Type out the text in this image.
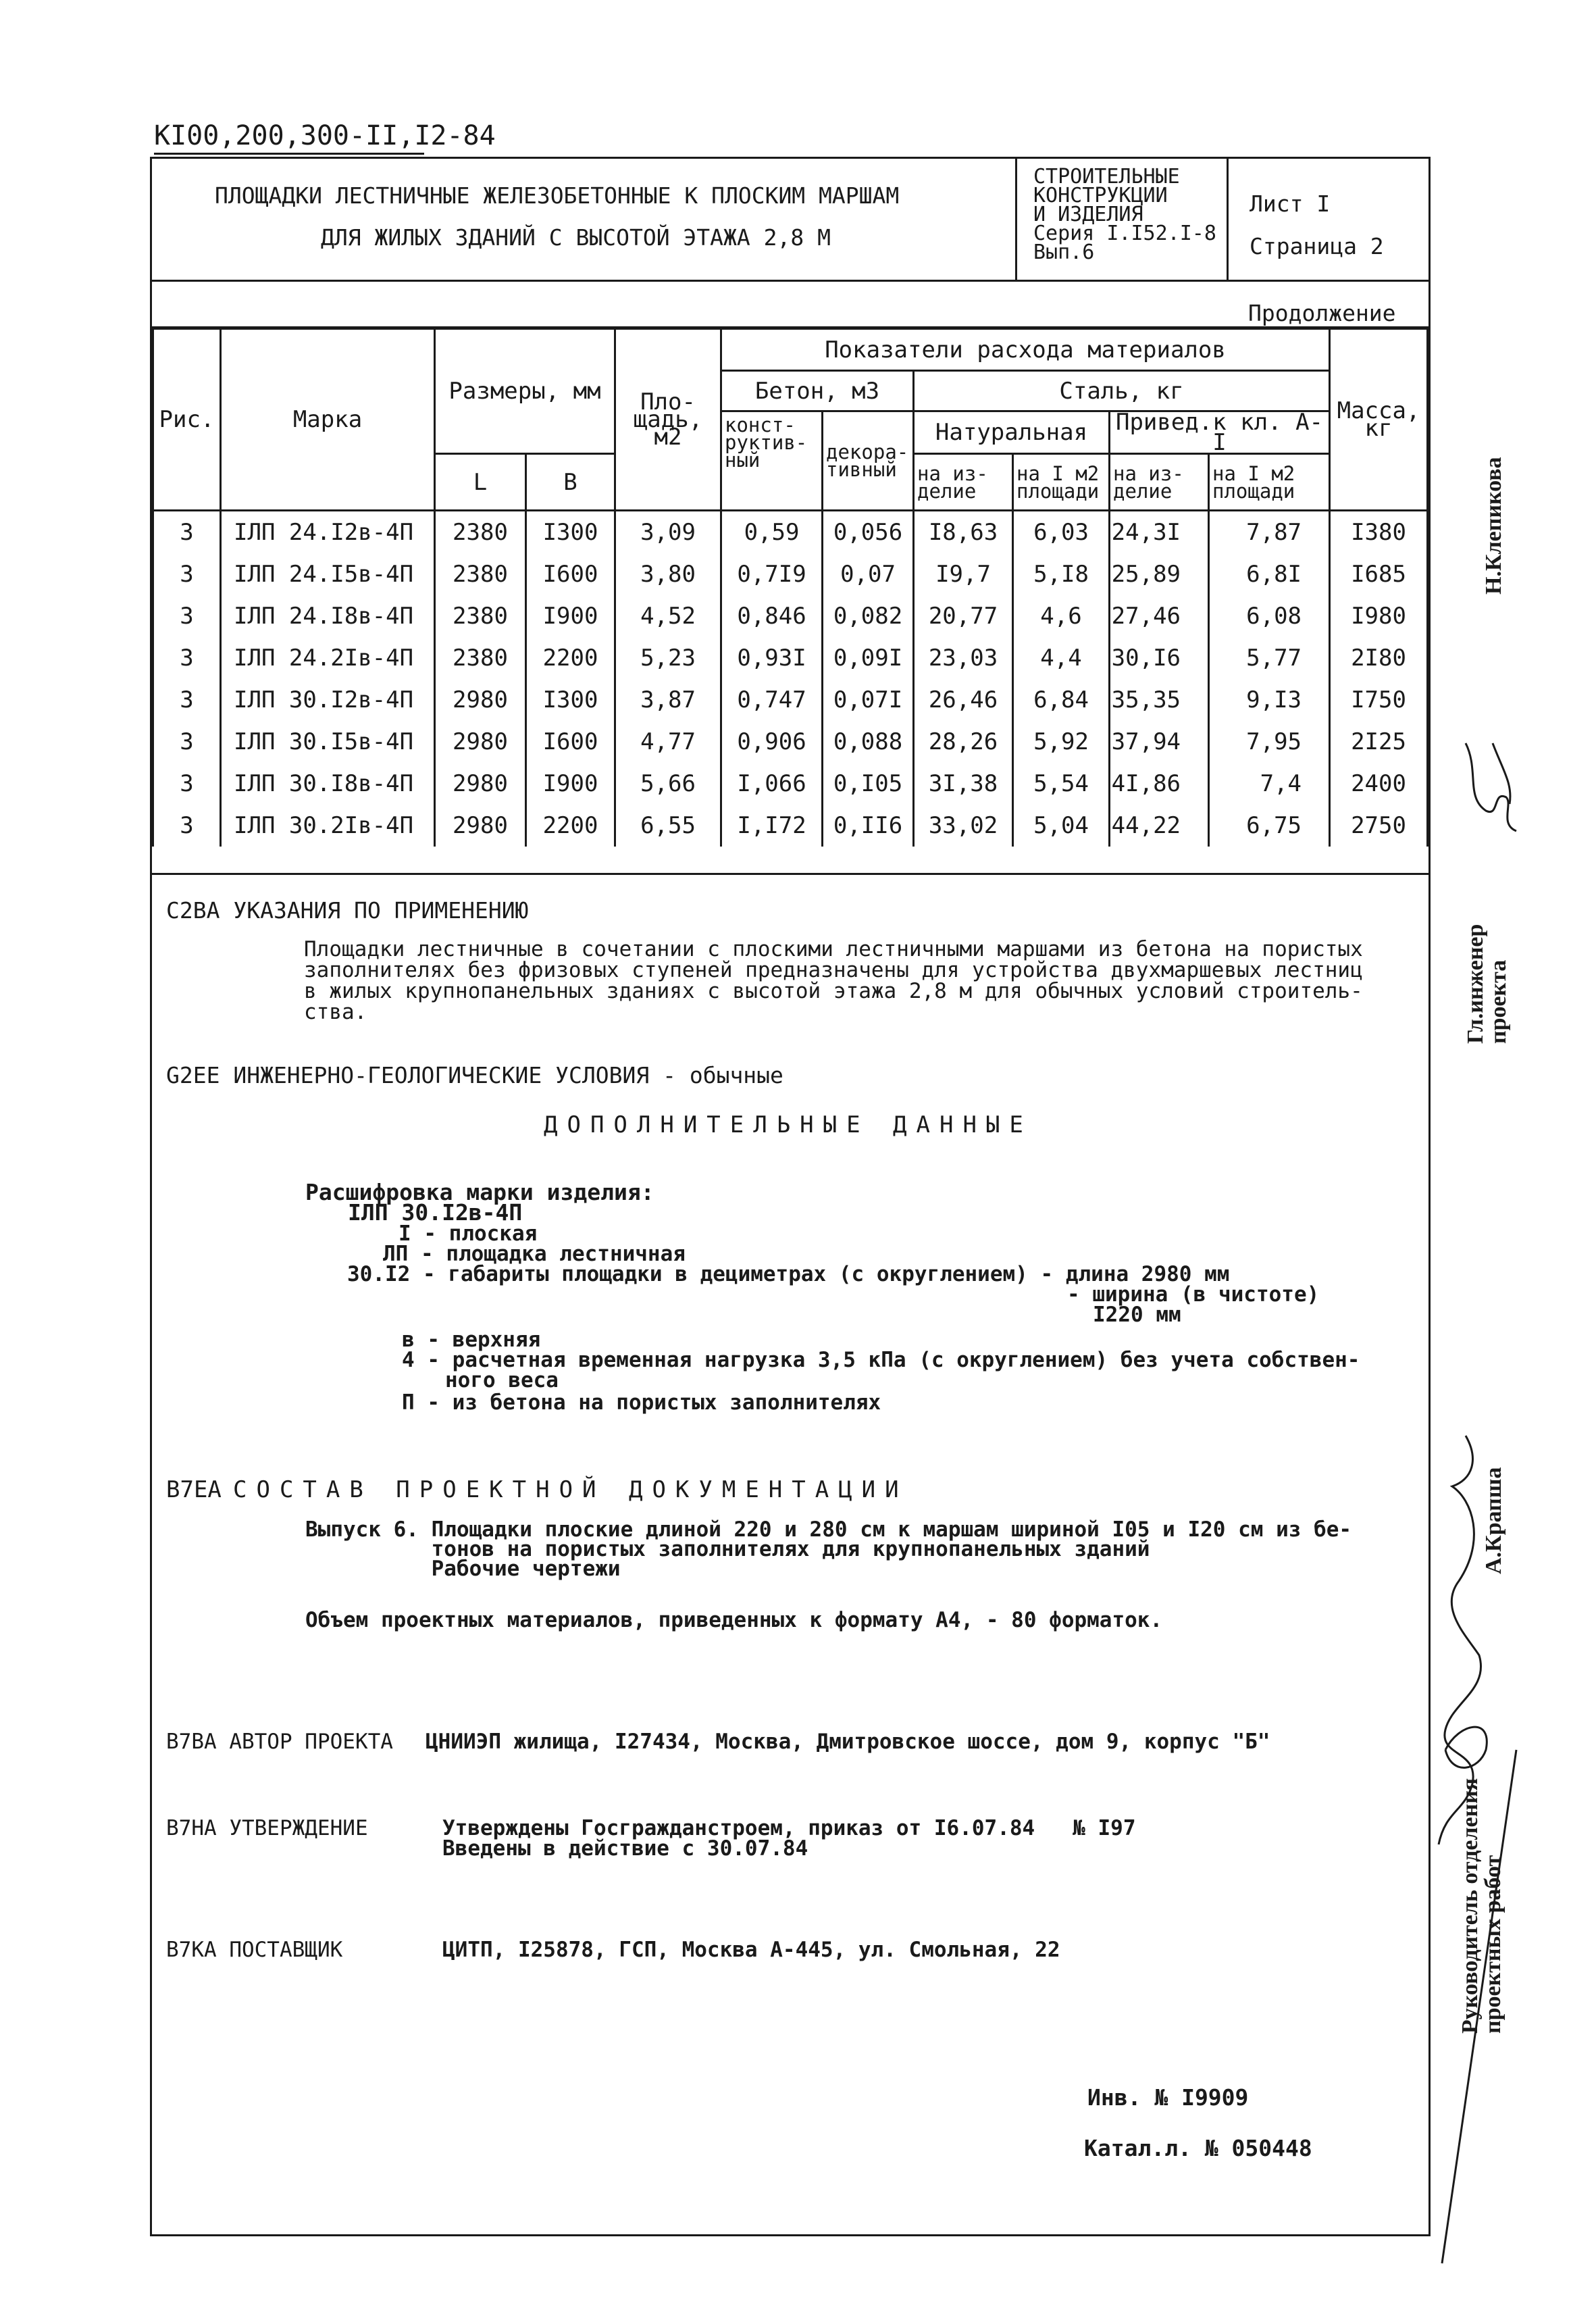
КI00,200,300-II,I2-84
ПЛОЩАДКИ ЛЕСТНИЧНЫЕ ЖЕЛЕЗОБЕТОННЫЕ К ПЛОСКИМ МАРШАМ
ДЛЯ ЖИЛЫХ ЗДАНИЙ С ВЫСОТОЙ ЭТАЖА 2,8 М
СТРОИТЕЛЬНЫЕ
КОНСТРУКЦИИ
И ИЗДЕЛИЯ
Серия I.I52.I-8
Вып.6
Лист I
Страница 2
Продолжение
Рис.	Марка	Размеры, мм		Пло-щадь, м2	Показатели расхода материалов						Масса, кг
					Бетон, м3		Сталь, кг				
					конст-руктив-ный	декора-тивный	Натуральная		Привед.к кл. А-I		
		L	В				на из-делие	на I м2 площади	на из-делие	на I м2 площади	
3	IЛП 24.I2в-4П	2380	I300	3,09	0,59	0,056	I8,63	6,03	24,3I	7,87	I380
3	IЛП 24.I5в-4П	2380	I600	3,80	0,7I9	0,07	I9,7	5,I8	25,89	6,8I	I685
3	IЛП 24.I8в-4П	2380	I900	4,52	0,846	0,082	20,77	4,6	27,46	6,08	I980
3	IЛП 24.2Iв-4П	2380	2200	5,23	0,93I	0,09I	23,03	4,4	30,I6	5,77	2I80
3	IЛП 30.I2в-4П	2980	I300	3,87	0,747	0,07I	26,46	6,84	35,35	9,I3	I750
3	IЛП 30.I5в-4П	2980	I600	4,77	0,906	0,088	28,26	5,92	37,94	7,95	2I25
3	IЛП 30.I8в-4П	2980	I900	5,66	I,066	0,I05	3I,38	5,54	4I,86	7,4	2400
3	IЛП 30.2Iв-4П	2980	2200	6,55	I,I72	0,II6	33,02	5,04	44,22	6,75	2750
С2ВА УКАЗАНИЯ ПО ПРИМЕНЕНИЮ
Площадки лестничные в сочетании с плоскими лестничными маршами из бетона на пористых
заполнителях без фризовых ступеней предназначены для устройства двухмаршевых лестниц
в жилых крупнопанельных зданиях с высотой этажа 2,8 м для обычных условий строитель-
ства.
G2EE ИНЖЕНЕРНО-ГЕОЛОГИЧЕСКИЕ УСЛОВИЯ - обычные
ДОПОЛНИТЕЛЬНЫЕ ДАННЫЕ
Расшифровка марки изделия:
IЛП 30.I2в-4П
I - плоская
ЛП - площадка лестничная
30.I2 - габариты площадки в дециметрах (с округлением) - длина 2980 мм
- ширина (в чистоте)
I220 мм
в - верхняя
4 - расчетная временная нагрузка 3,5 кПа (с округлением) без учета собствен-
ного веса
П - из бетона на пористых заполнителях
В7ЕА СОСТАВ ПРОЕКТНОЙ ДОКУМЕНТАЦИИ
Выпуск 6. Площадки плоские длиной 220 и 280 см к маршам шириной I05 и I20 см из бе-
тонов на пористых заполнителях для крупнопанельных зданий
Рабочие чертежи
Объем проектных материалов, приведенных к формату А4, - 80 форматок.
В7ВА АВТОР ПРОЕКТА ЦНИИЭП жилища, I27434, Москва, Дмитровское шоссе, дом 9, корпус "Б"
В7НА УТВЕРЖДЕНИЕ	Утверждены Госгражданстроем, приказ от I6.07.84   № I97
Введены в действие с 30.07.84
В7КА ПОСТАВЩИК	ЦИТП, I25878, ГСП, Москва А-445, ул. Смольная, 22
Инв. № I9909
Катал.л. № 050448
Н.Клепикова
Гл.инженер
проекта
А.Крапша
Руководитель отделения
проектных работ
